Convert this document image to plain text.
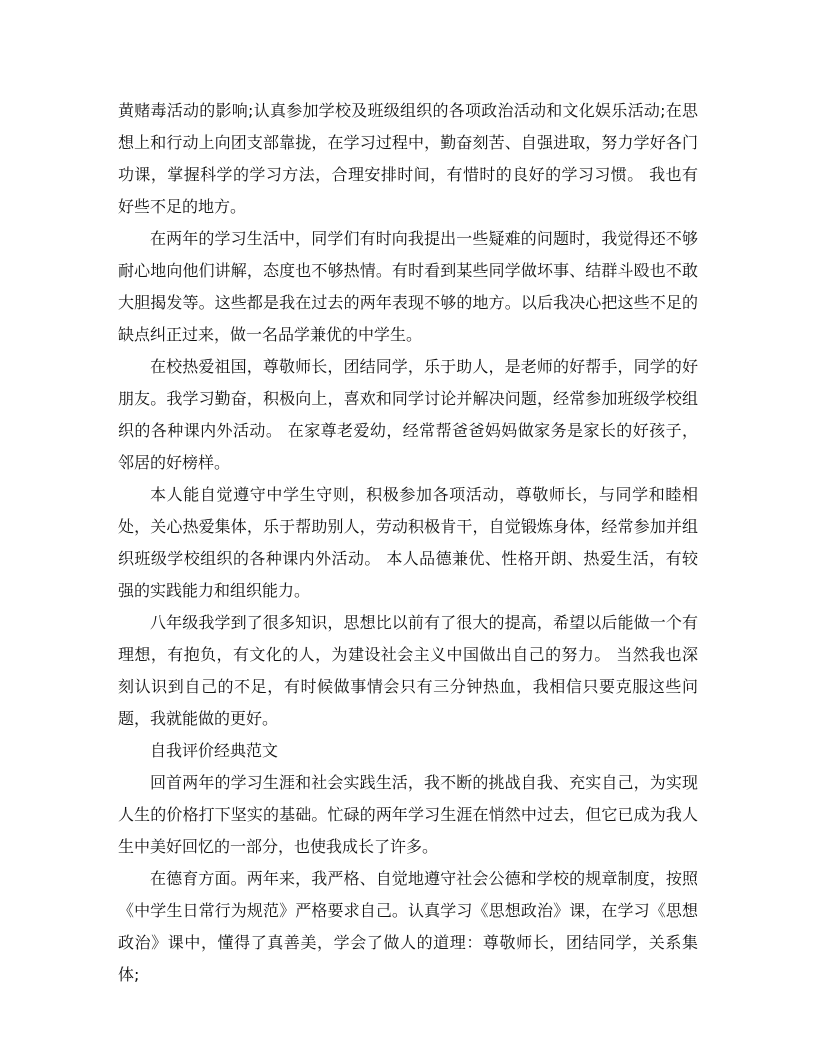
黄赌毒活动的影响;认真参加学校及班级组织的各项政治活动和文化娱乐活动;在思想上和行动上向团支部靠拢，在学习过程中，勤奋刻苦、自强进取，努力学好各门功课，掌握科学的学习方法，合理安排时间，有惜时的良好的学习习惯。 我也有好些不足的地方。

在两年的学习生活中，同学们有时向我提出一些疑难的问题时，我觉得还不够耐心地向他们讲解，态度也不够热情。有时看到某些同学做坏事、结群斗殴也不敢大胆揭发等。这些都是我在过去的两年表现不够的地方。以后我决心把这些不足的缺点纠正过来，做一名品学兼优的中学生。

在校热爱祖国，尊敬师长，团结同学，乐于助人，是老师的好帮手，同学的好朋友。我学习勤奋，积极向上，喜欢和同学讨论并解决问题，经常参加班级学校组织的各种课内外活动。 在家尊老爱幼，经常帮爸爸妈妈做家务是家长的好孩子，邻居的好榜样。

本人能自觉遵守中学生守则，积极参加各项活动，尊敬师长，与同学和睦相处，关心热爱集体，乐于帮助别人，劳动积极肯干，自觉锻炼身体，经常参加并组织班级学校组织的各种课内外活动。 本人品德兼优、性格开朗、热爱生活，有较强的实践能力和组织能力。

八年级我学到了很多知识，思想比以前有了很大的提高，希望以后能做一个有理想，有抱负，有文化的人，为建设社会主义中国做出自己的努力。 当然我也深刻认识到自己的不足，有时候做事情会只有三分钟热血，我相信只要克服这些问题，我就能做的更好。

自我评价经典范文

回首两年的学习生涯和社会实践生活，我不断的挑战自我、充实自己，为实现人生的价格打下坚实的基础。忙碌的两年学习生涯在悄然中过去，但它已成为我人生中美好回忆的一部分，也使我成长了许多。

在德育方面。两年来，我严格、自觉地遵守社会公德和学校的规章制度，按照《中学生日常行为规范》严格要求自己。认真学习《思想政治》课，在学习《思想政治》课中，懂得了真善美，学会了做人的道理：尊敬师长，团结同学，关系集体;
